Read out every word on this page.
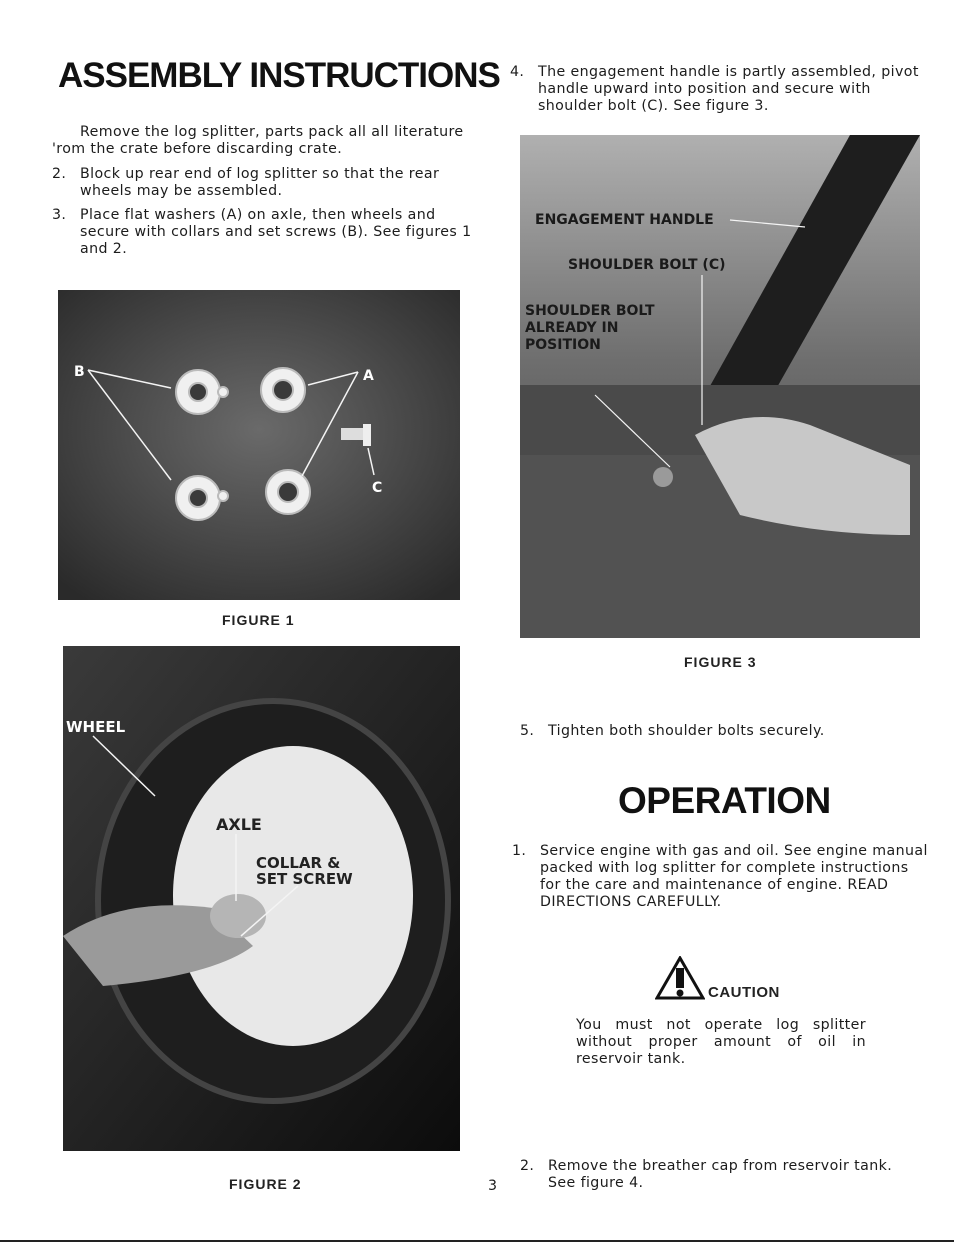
ASSEMBLY INSTRUCTIONS
Remove the log splitter, parts pack all all literature 'rom the crate before discarding crate.
2. Block up rear end of log splitter so that the rear wheels may be assembled.
3. Place flat washers (A) on axle, then wheels and secure with collars and set screws (B). See figures 1 and 2.
B	A
C
FIGURE 1
WHEEL
AXLE
COLLAR &
SET SCREW
FIGURE 2	3
4. The engagement handle is partly assembled, pivot handle upward into position and secure with shoulder bolt (C). See figure 3.
ENGAGEMENT HANDLE
SHOULDER BOLT (C)
SHOULDER BOLT
ALREADY IN
POSITION
FIGURE 3
5. Tighten both shoulder bolts securely.
OPERATION
1. Service engine with gas and oil. See engine manual packed with log splitter for complete instructions for the care and maintenance of engine. READ DIRECTIONS CAREFULLY.
CAUTION
You must not operate log splitter without proper amount of oil in reservoir tank.
2. Remove the breather cap from reservoir tank. See figure 4.
